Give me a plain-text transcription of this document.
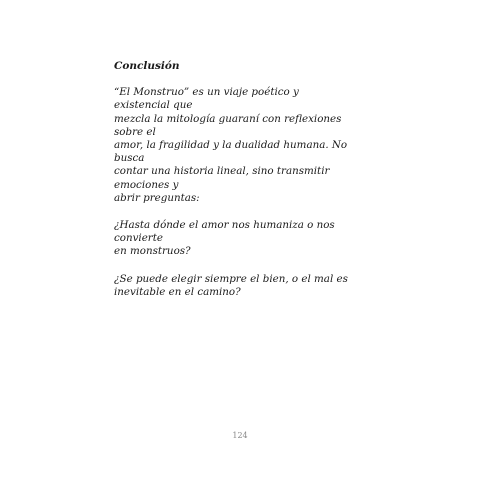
Conclusión
“El Monstruo” es un viaje poético y existencial que
mezcla la mitología guaraní con reflexiones sobre el
amor, la fragilidad y la dualidad humana. No busca
contar una historia lineal, sino transmitir emociones y
abrir preguntas:
¿Hasta dónde el amor nos humaniza o nos convierte
en monstruos?
¿Se puede elegir siempre el bien, o el mal es
inevitable en el camino?
124
